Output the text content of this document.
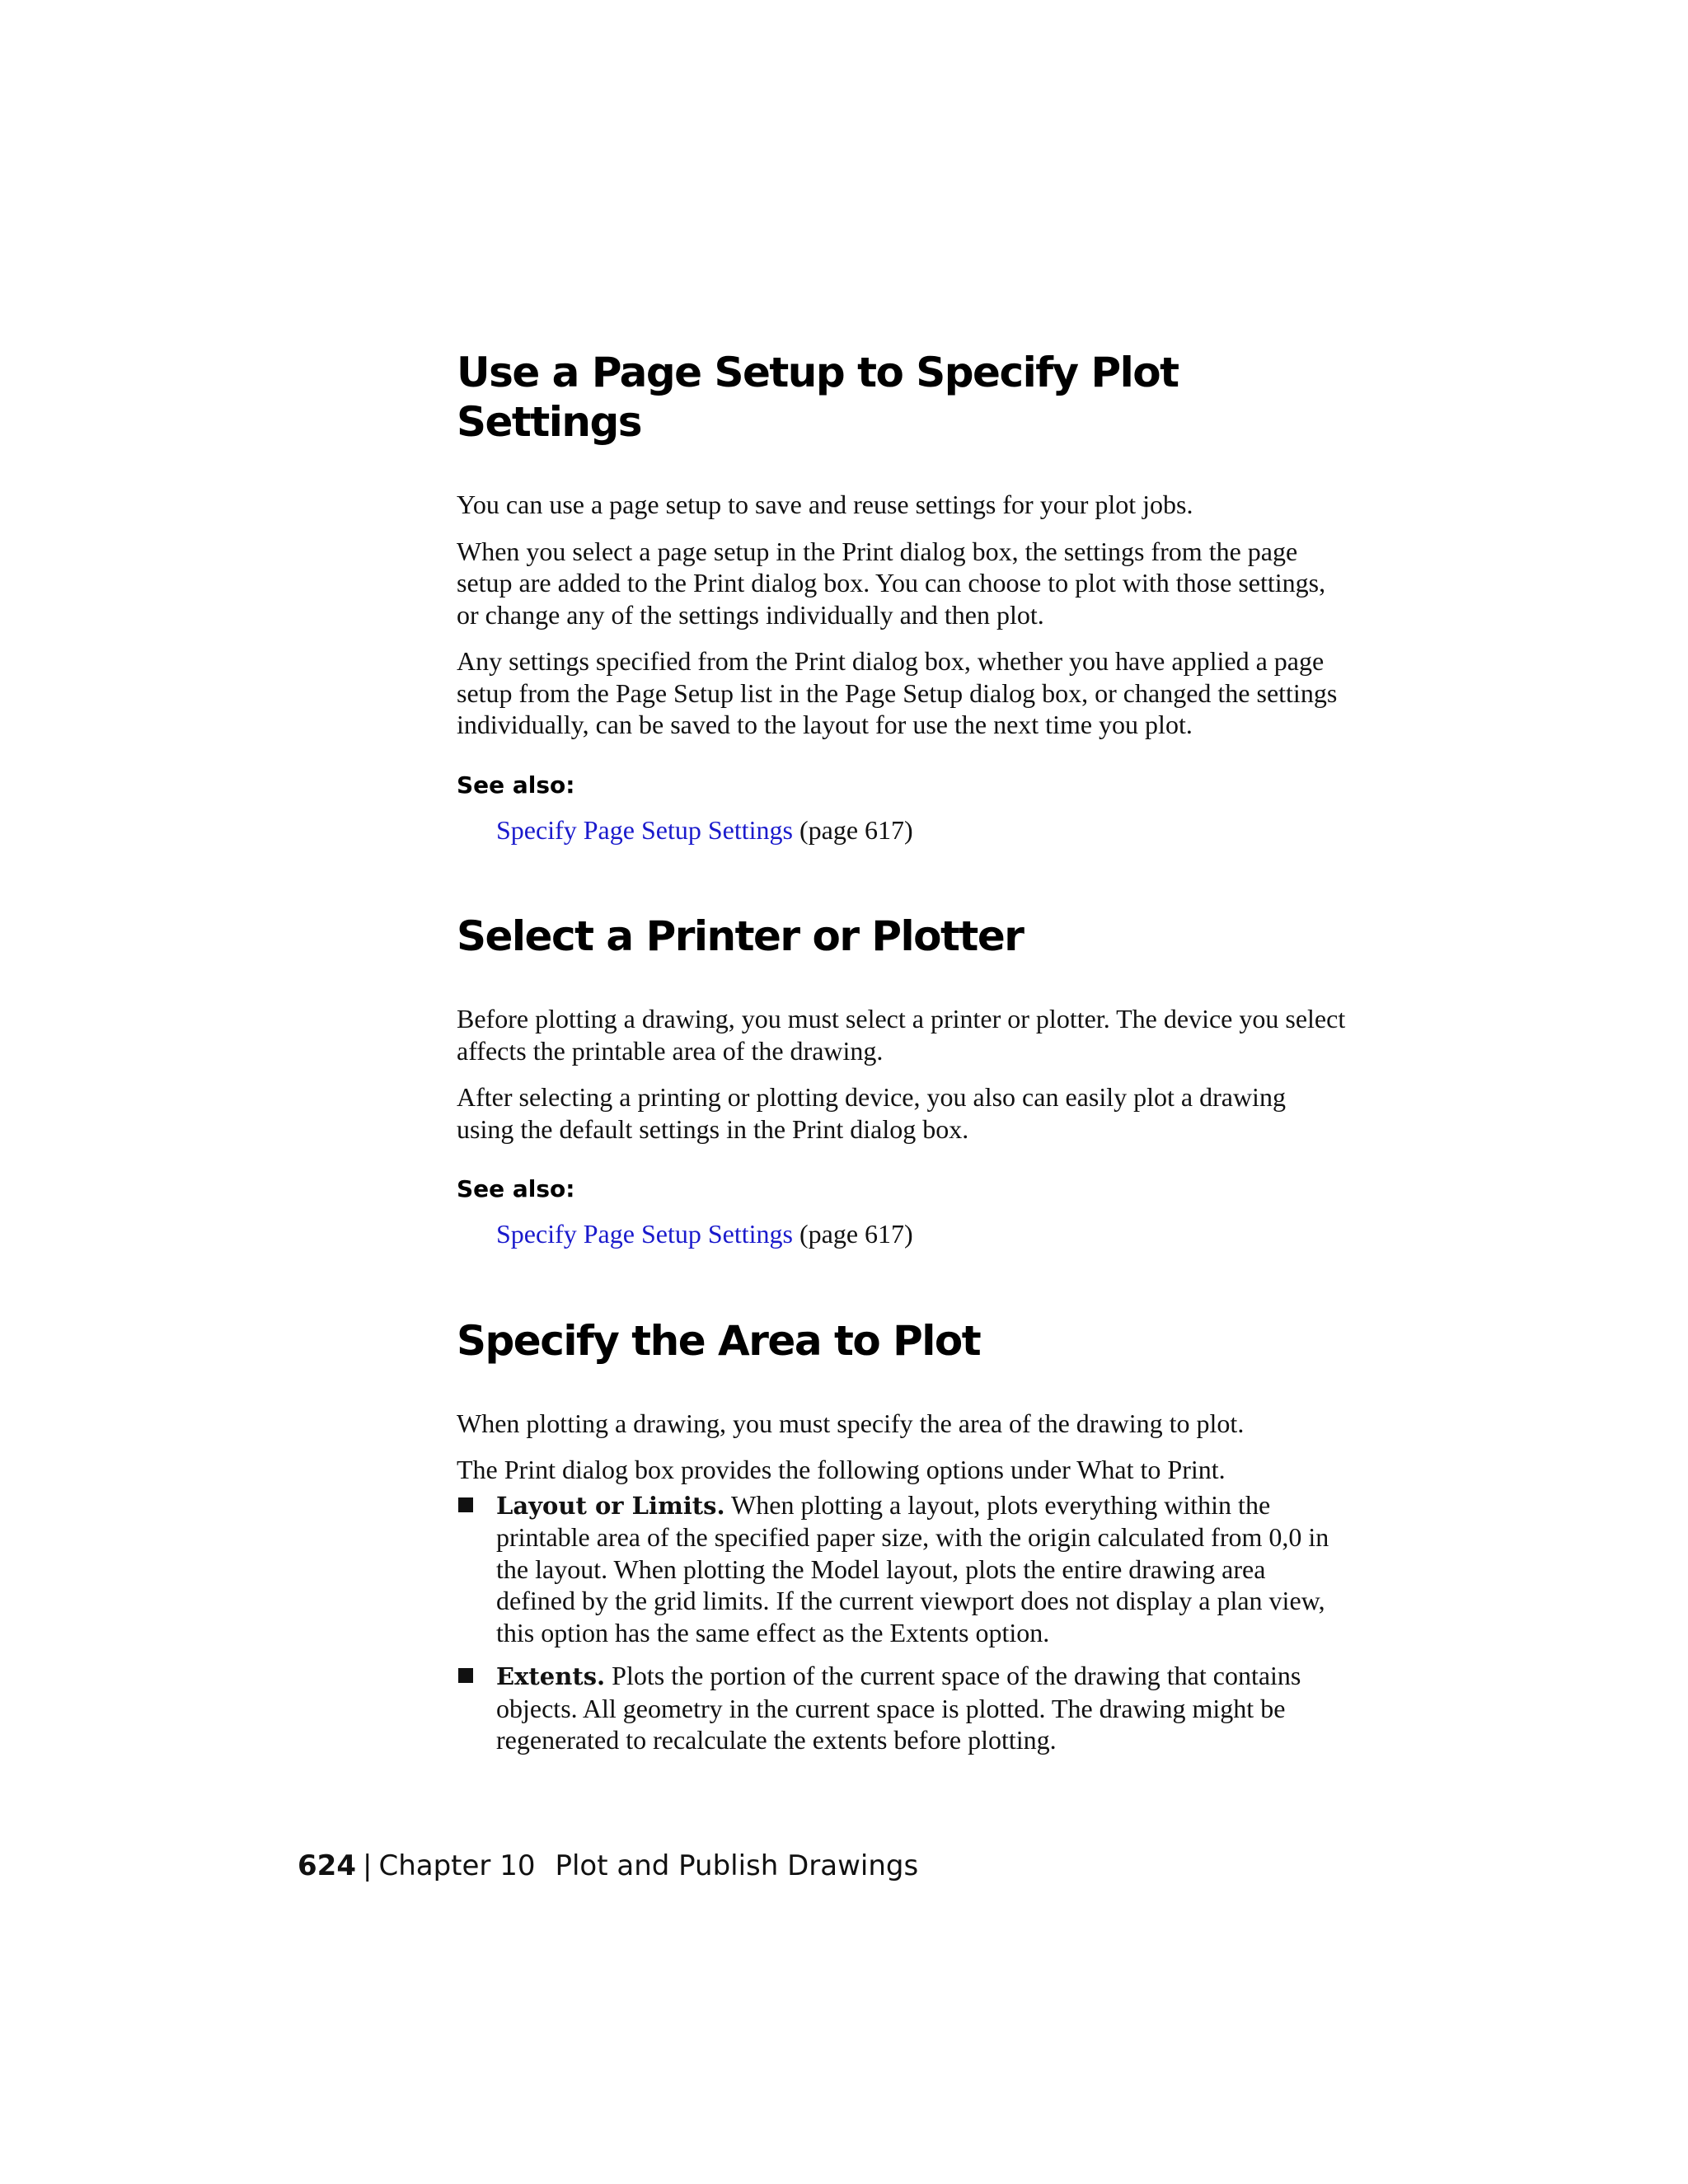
Use a Page Setup to Specify Plot Settings

You can use a page setup to save and reuse settings for your plot jobs.

When you select a page setup in the Print dialog box, the settings from the page setup are added to the Print dialog box. You can choose to plot with those settings, or change any of the settings individually and then plot.

Any settings specified from the Print dialog box, whether you have applied a page setup from the Page Setup list in the Page Setup dialog box, or changed the settings individually, can be saved to the layout for use the next time you plot.

See also:

Specify Page Setup Settings (page 617)

Select a Printer or Plotter

Before plotting a drawing, you must select a printer or plotter. The device you select affects the printable area of the drawing.

After selecting a printing or plotting device, you also can easily plot a drawing using the default settings in the Print dialog box.

See also:

Specify Page Setup Settings (page 617)

Specify the Area to Plot

When plotting a drawing, you must specify the area of the drawing to plot.

The Print dialog box provides the following options under What to Print.

Layout or Limits. When plotting a layout, plots everything within the printable area of the specified paper size, with the origin calculated from 0,0 in the layout. When plotting the Model layout, plots the entire drawing area defined by the grid limits. If the current viewport does not display a plan view, this option has the same effect as the Extents option.
Extents. Plots the portion of the current space of the drawing that contains objects. All geometry in the current space is plotted. The drawing might be regenerated to recalculate the extents before plotting.
624 | Chapter 10 Plot and Publish Drawings
